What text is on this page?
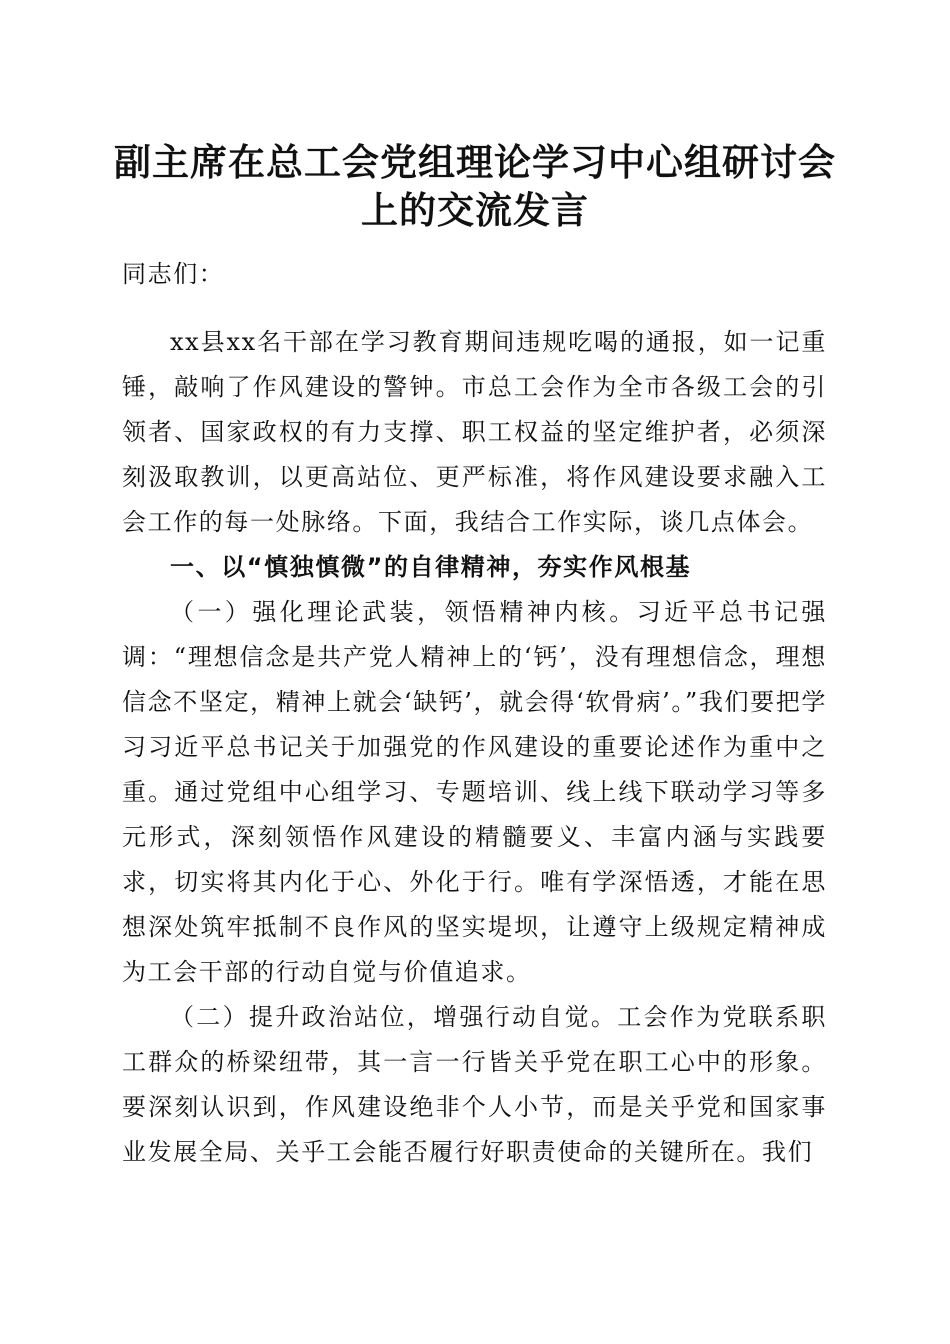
副主席在总工会党组理论学习中心组研讨会上的交流发言

同志们：

xx县xx名干部在学习教育期间违规吃喝的通报，如一记重锤，敲响了作风建设的警钟。市总工会作为全市各级工会的引领者、国家政权的有力支撑、职工权益的坚定维护者，必须深刻汲取教训，以更高站位、更严标准，将作风建设要求融入工会工作的每一处脉络。下面，我结合工作实际，谈几点体会。

一、以“慎独慎微”的自律精神，夯实作风根基

（一）强化理论武装，领悟精神内核。习近平总书记强调：“理想信念是共产党人精神上的‘钙’，没有理想信念，理想信念不坚定，精神上就会‘缺钙’，就会得‘软骨病’。”我们要把学习习近平总书记关于加强党的作风建设的重要论述作为重中之重。通过党组中心组学习、专题培训、线上线下联动学习等多元形式，深刻领悟作风建设的精髓要义、丰富内涵与实践要求，切实将其内化于心、外化于行。唯有学深悟透，才能在思想深处筑牢抵制不良作风的坚实堤坝，让遵守上级规定精神成为工会干部的行动自觉与价值追求。

（二）提升政治站位，增强行动自觉。工会作为党联系职工群众的桥梁纽带，其一言一行皆关乎党在职工心中的形象。要深刻认识到，作风建设绝非个人小节，而是关乎党和国家事业发展全局、关乎工会能否履行好职责使命的关键所在。我们
